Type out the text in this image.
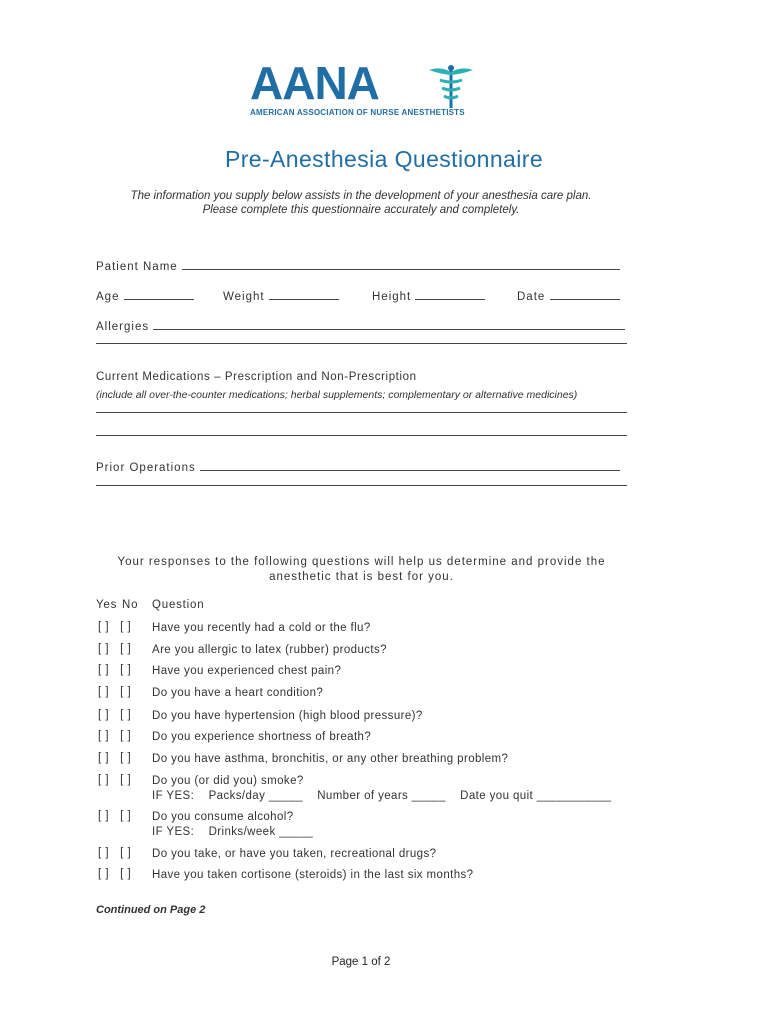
AANA
AMERICAN ASSOCIATION OF NURSE ANESTHETISTS
Pre-Anesthesia Questionnaire
The information you supply below assists in the development of your anesthesia care plan.
Please complete this questionnaire accurately and completely.
Patient Name
Age	Weight	Height	Date
Allergies
Current Medications – Prescription and Non-Prescription
(include all over-the-counter medications; herbal supplements; complementary or alternative medicines)
Prior Operations
Your responses to the following questions will help us determine and provide the
anesthetic that is best for you.
Yes No Question
[ ]   [ ] Have you recently had a cold or the flu?
[ ]   [ ] Are you allergic to latex (rubber) products?
[ ]   [ ] Have you experienced chest pain?
[ ]   [ ] Do you have a heart condition?
[ ]   [ ] Do you have hypertension (high blood pressure)?
[ ]   [ ] Do you experience shortness of breath?
[ ]   [ ] Do you have asthma, bronchitis, or any other breathing problem?
[ ]   [ ] Do you (or did you) smoke?
IF YES:    Packs/day _____    Number of years _____    Date you quit ___________
[ ]   [ ] Do you consume alcohol?
IF YES:    Drinks/week _____
[ ]   [ ] Do you take, or have you taken, recreational drugs?
[ ]   [ ] Have you taken cortisone (steroids) in the last six months?
Continued on Page 2
Page 1 of 2
